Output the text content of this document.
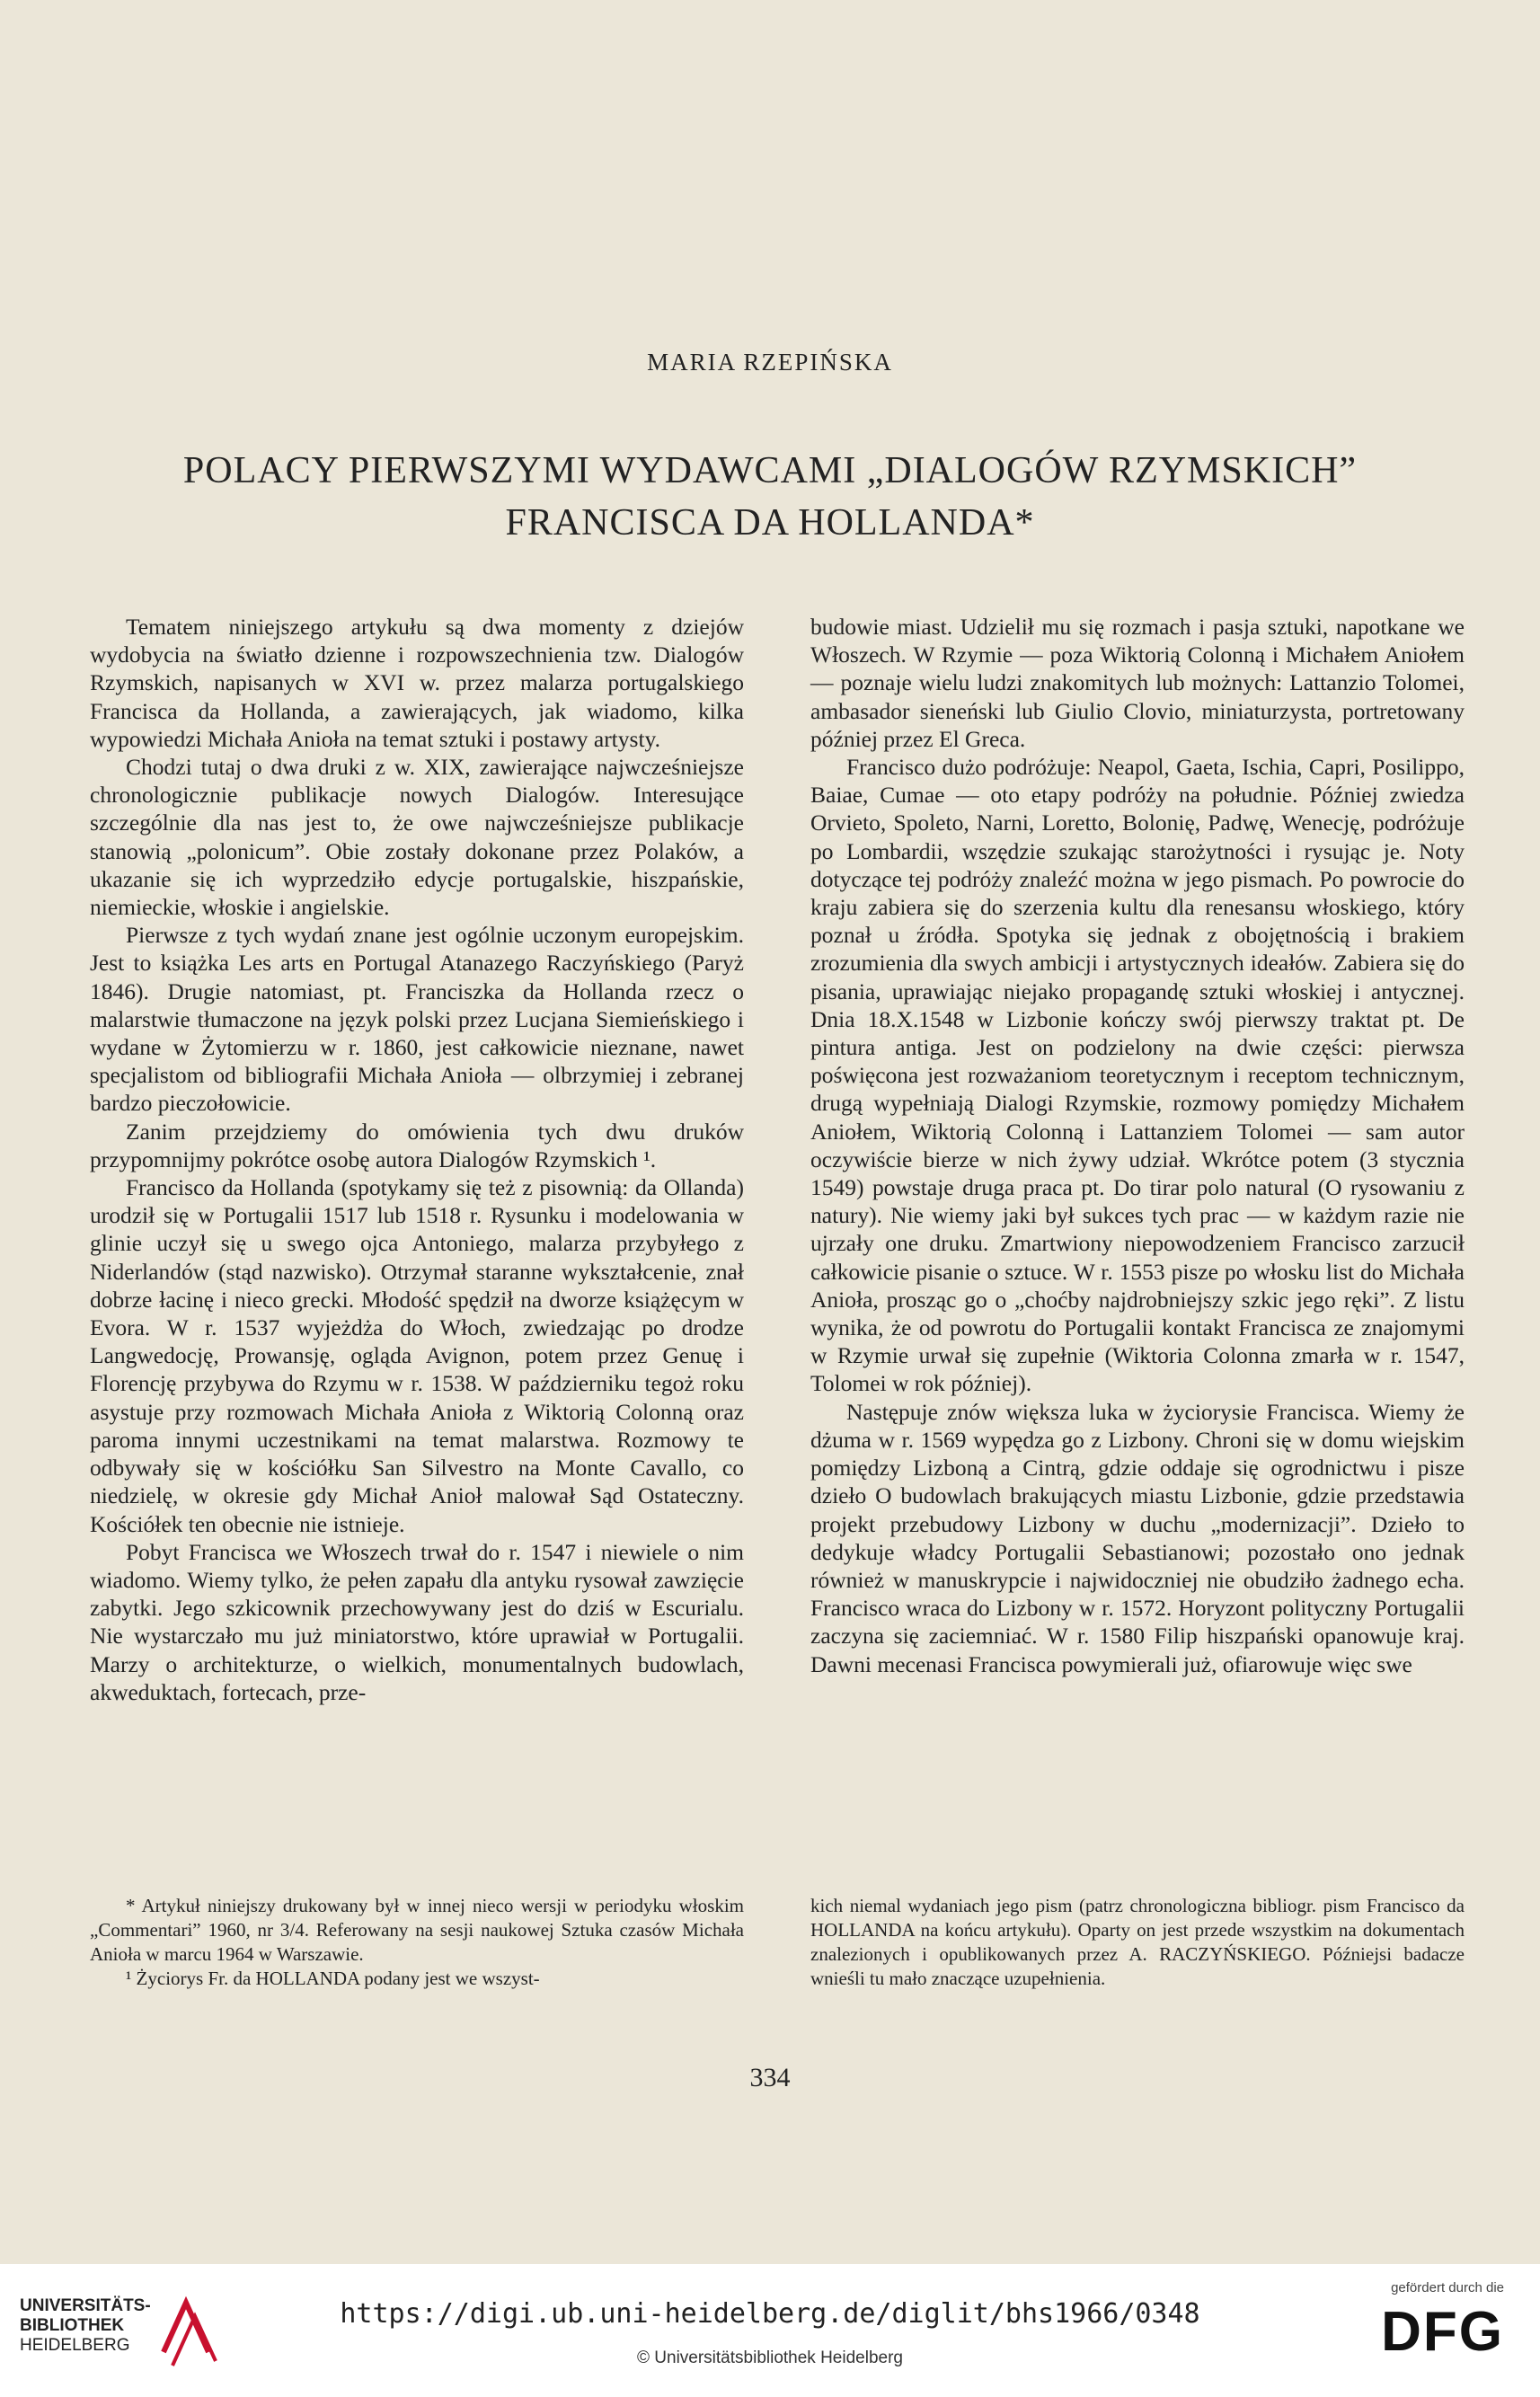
MARIA RZEPIŃSKA
POLACY PIERWSZYMI WYDAWCAMI „DIALOGÓW RZYMSKICH”
FRANCISCA DA HOLLANDA*

Tematem niniejszego artykułu są dwa momenty z dziejów wydobycia na światło dzienne i rozpowszechnienia tzw. Dialogów Rzymskich, napisanych w XVI w. przez malarza portugalskiego Francisca da Hollanda, a zawierających, jak wiadomo, kilka wypowiedzi Michała Anioła na temat sztuki i postawy artysty.

Chodzi tutaj o dwa druki z w. XIX, zawierające najwcześniejsze chronologicznie publikacje nowych Dialogów. Interesujące szczególnie dla nas jest to, że owe najwcześniejsze publikacje stanowią „polonicum”. Obie zostały dokonane przez Polaków, a ukazanie się ich wyprzedziło edycje portugalskie, hiszpańskie, niemieckie, włoskie i angielskie.

Pierwsze z tych wydań znane jest ogólnie uczonym europejskim. Jest to książka Les arts en Portugal Atanazego Raczyńskiego (Paryż 1846). Drugie natomiast, pt. Franciszka da Hollanda rzecz o malarstwie tłumaczone na język polski przez Lucjana Siemieńskiego i wydane w Żytomierzu w r. 1860, jest całkowicie nieznane, nawet specjalistom od bibliografii Michała Anioła — olbrzymiej i zebranej bardzo pieczołowicie.

Zanim przejdziemy do omówienia tych dwu druków przypomnijmy pokrótce osobę autora Dialogów Rzymskich ¹.

Francisco da Hollanda (spotykamy się też z pisownią: da Ollanda) urodził się w Portugalii 1517 lub 1518 r. Rysunku i modelowania w glinie uczył się u swego ojca Antoniego, malarza przybyłego z Niderlandów (stąd nazwisko). Otrzymał staranne wykształcenie, znał dobrze łacinę i nieco grecki. Młodość spędził na dworze książęcym w Evora. W r. 1537 wyjeżdża do Włoch, zwiedzając po drodze Langwedocję, Prowansję, ogląda Avignon, potem przez Genuę i Florencję przybywa do Rzymu w r. 1538. W październiku tegoż roku asystuje przy rozmowach Michała Anioła z Wiktorią Colonną oraz paroma innymi uczestnikami na temat malarstwa. Rozmowy te odbywały się w kościółku San Silvestro na Monte Cavallo, co niedzielę, w okresie gdy Michał Anioł malował Sąd Ostateczny. Kościółek ten obecnie nie istnieje.

Pobyt Francisca we Włoszech trwał do r. 1547 i niewiele o nim wiadomo. Wiemy tylko, że pełen zapału dla antyku rysował zawzięcie zabytki. Jego szkicownik przechowywany jest do dziś w Escurialu. Nie wystarczało mu już miniatorstwo, które uprawiał w Portugalii. Marzy o architekturze, o wielkich, monumentalnych budowlach, akweduktach, fortecach, prze-

budowie miast. Udzielił mu się rozmach i pasja sztuki, napotkane we Włoszech. W Rzymie — poza Wiktorią Colonną i Michałem Aniołem — poznaje wielu ludzi znakomitych lub możnych: Lattanzio Tolomei, ambasador sieneński lub Giulio Clovio, miniaturzysta, portretowany później przez El Greca.

Francisco dużo podróżuje: Neapol, Gaeta, Ischia, Capri, Posilippo, Baiae, Cumae — oto etapy podróży na południe. Później zwiedza Orvieto, Spoleto, Narni, Loretto, Bolonię, Padwę, Wenecję, podróżuje po Lombardii, wszędzie szukając starożytności i rysując je. Noty dotyczące tej podróży znaleźć można w jego pismach. Po powrocie do kraju zabiera się do szerzenia kultu dla renesansu włoskiego, który poznał u źródła. Spotyka się jednak z obojętnością i brakiem zrozumienia dla swych ambicji i artystycznych ideałów. Zabiera się do pisania, uprawiając niejako propagandę sztuki włoskiej i antycznej. Dnia 18.X.1548 w Lizbonie kończy swój pierwszy traktat pt. De pintura antiga. Jest on podzielony na dwie części: pierwsza poświęcona jest rozważaniom teoretycznym i receptom technicznym, drugą wypełniają Dialogi Rzymskie, rozmowy pomiędzy Michałem Aniołem, Wiktorią Colonną i Lattanziem Tolomei — sam autor oczywiście bierze w nich żywy udział. Wkrótce potem (3 stycznia 1549) powstaje druga praca pt. Do tirar polo natural (O rysowaniu z natury). Nie wiemy jaki był sukces tych prac — w każdym razie nie ujrzały one druku. Zmartwiony niepowodzeniem Francisco zarzucił całkowicie pisanie o sztuce. W r. 1553 pisze po włosku list do Michała Anioła, prosząc go o „choćby najdrobniejszy szkic jego ręki”. Z listu wynika, że od powrotu do Portugalii kontakt Francisca ze znajomymi w Rzymie urwał się zupełnie (Wiktoria Colonna zmarła w r. 1547, Tolomei w rok później).

Następuje znów większa luka w życiorysie Francisca. Wiemy że dżuma w r. 1569 wypędza go z Lizbony. Chroni się w domu wiejskim pomiędzy Lizboną a Cintrą, gdzie oddaje się ogrodnictwu i pisze dzieło O budowlach brakujących miastu Lizbonie, gdzie przedstawia projekt przebudowy Lizbony w duchu „modernizacji”. Dzieło to dedykuje władcy Portugalii Sebastianowi; pozostało ono jednak również w manuskrypcie i najwidoczniej nie obudziło żadnego echa. Francisco wraca do Lizbony w r. 1572. Horyzont polityczny Portugalii zaczyna się zaciemniać. W r. 1580 Filip hiszpański opanowuje kraj. Dawni mecenasi Francisca powymierali już, ofiarowuje więc swe

* Artykuł niniejszy drukowany był w innej nieco wersji w periodyku włoskim „Commentari” 1960, nr 3/4. Referowany na sesji naukowej Sztuka czasów Michała Anioła w marcu 1964 w Warszawie.

¹ Życiorys Fr. da HOLLANDA podany jest we wszyst-

kich niemal wydaniach jego pism (patrz chronologiczna bibliogr. pism Francisco da HOLLANDA na końcu artykułu). Oparty on jest przede wszystkim na dokumentach znalezionych i opublikowanych przez A. RACZYŃSKIEGO. Późniejsi badacze wnieśli tu mało znaczące uzupełnienia.

334
UNIVERSITÄTS-
BIBLIOTHEK
HEIDELBERG
https://digi.ub.uni-heidelberg.de/diglit/bhs1966/0348
© Universitätsbibliothek Heidelberg
gefördert durch die
DFG
